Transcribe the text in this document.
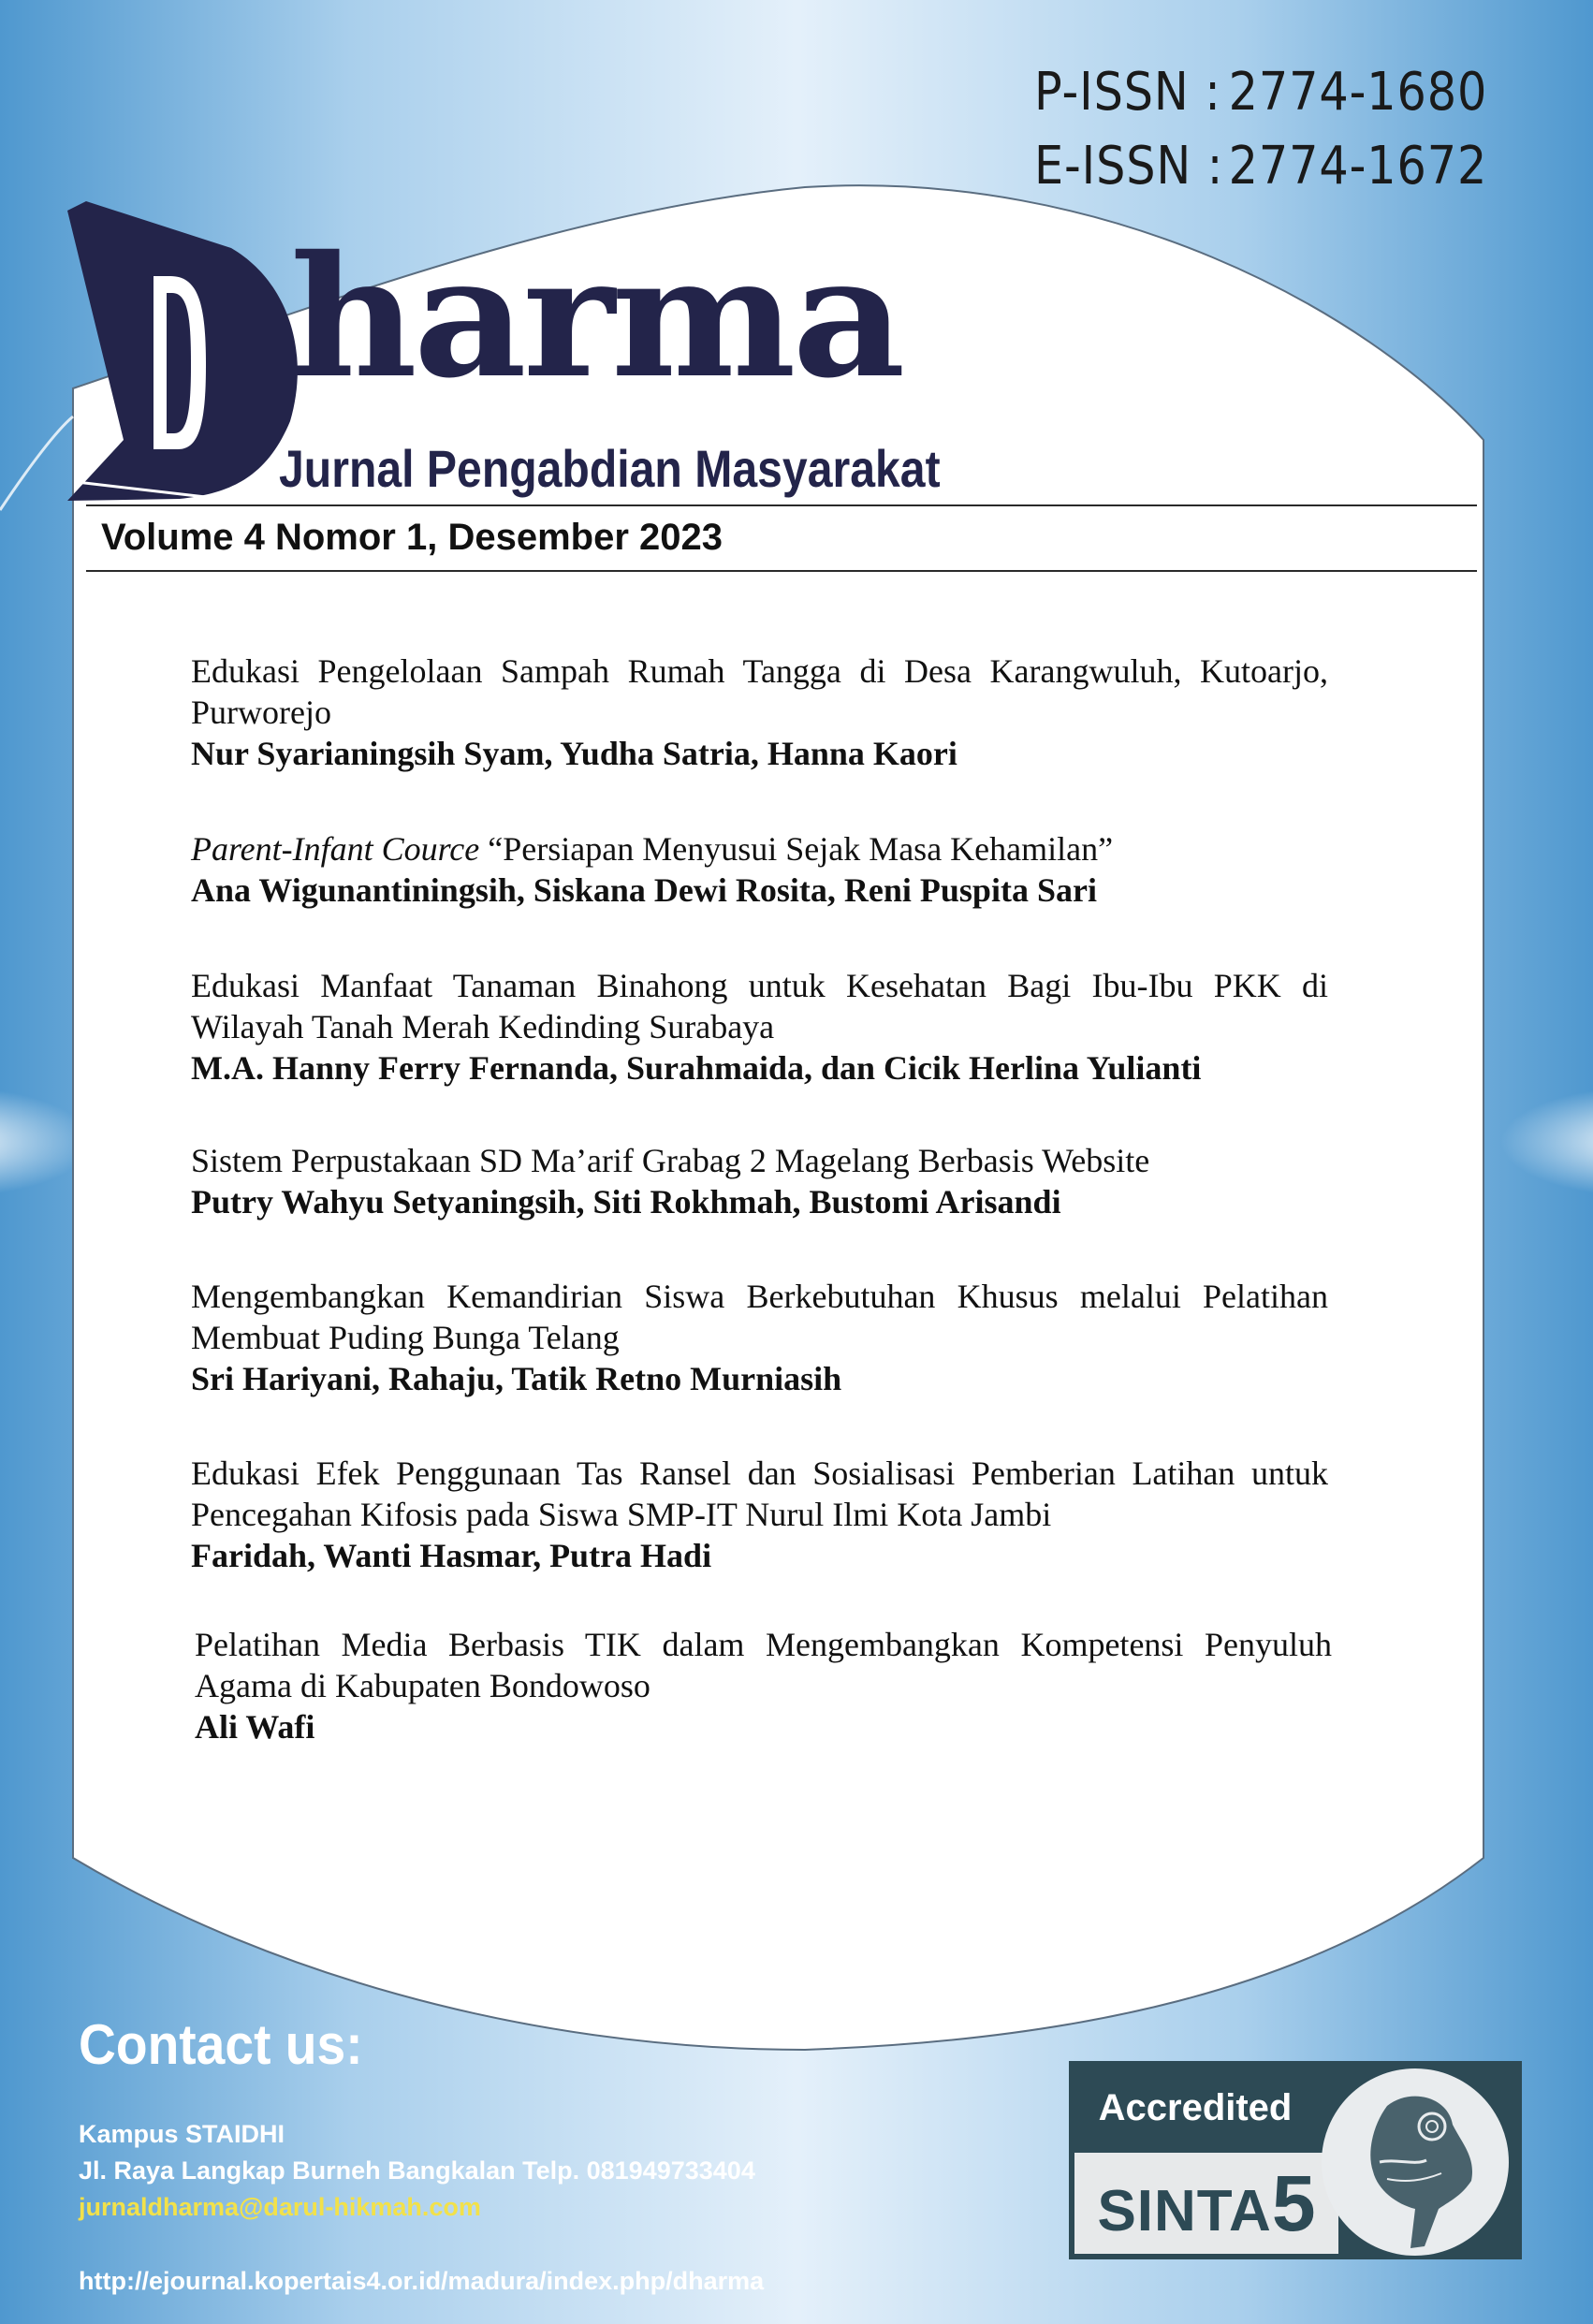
P-ISSN : 2774-1680
E-ISSN :2774-1672
harma
Jurnal Pengabdian Masyarakat
Volume 4 Nomor 1, Desember 2023
Edukasi Pengelolaan Sampah Rumah Tangga di Desa Karangwuluh, Kutoarjo, Purworejo
Nur Syarianingsih Syam, Yudha Satria, Hanna Kaori
Parent-Infant Cource “Persiapan Menyusui Sejak Masa Kehamilan”
Ana Wigunantiningsih, Siskana Dewi Rosita, Reni Puspita Sari
Edukasi Manfaat Tanaman Binahong untuk Kesehatan Bagi Ibu-Ibu PKK di Wilayah Tanah Merah Kedinding Surabaya
M.A. Hanny Ferry Fernanda, Surahmaida, dan Cicik Herlina Yulianti
Sistem Perpustakaan SD Ma’arif Grabag 2 Magelang Berbasis Website
Putry Wahyu Setyaningsih, Siti Rokhmah, Bustomi Arisandi
Mengembangkan Kemandirian Siswa Berkebutuhan Khusus melalui Pelatihan Membuat Puding Bunga Telang
Sri Hariyani, Rahaju, Tatik Retno Murniasih
Edukasi Efek Penggunaan Tas Ransel dan Sosialisasi Pemberian Latihan untuk Pencegahan Kifosis pada Siswa SMP-IT Nurul Ilmi Kota Jambi
Faridah, Wanti Hasmar, Putra Hadi
Pelatihan Media Berbasis TIK dalam Mengembangkan Kompetensi Penyuluh Agama di Kabupaten Bondowoso
Ali Wafi
Contact us:
Kampus STAIDHI
Jl. Raya Langkap Burneh Bangkalan Telp. 081949733404
jurnaldharma@darul-hikmah.com
http://ejournal.kopertais4.or.id/madura/index.php/dharma
Accredited
SINTA5
